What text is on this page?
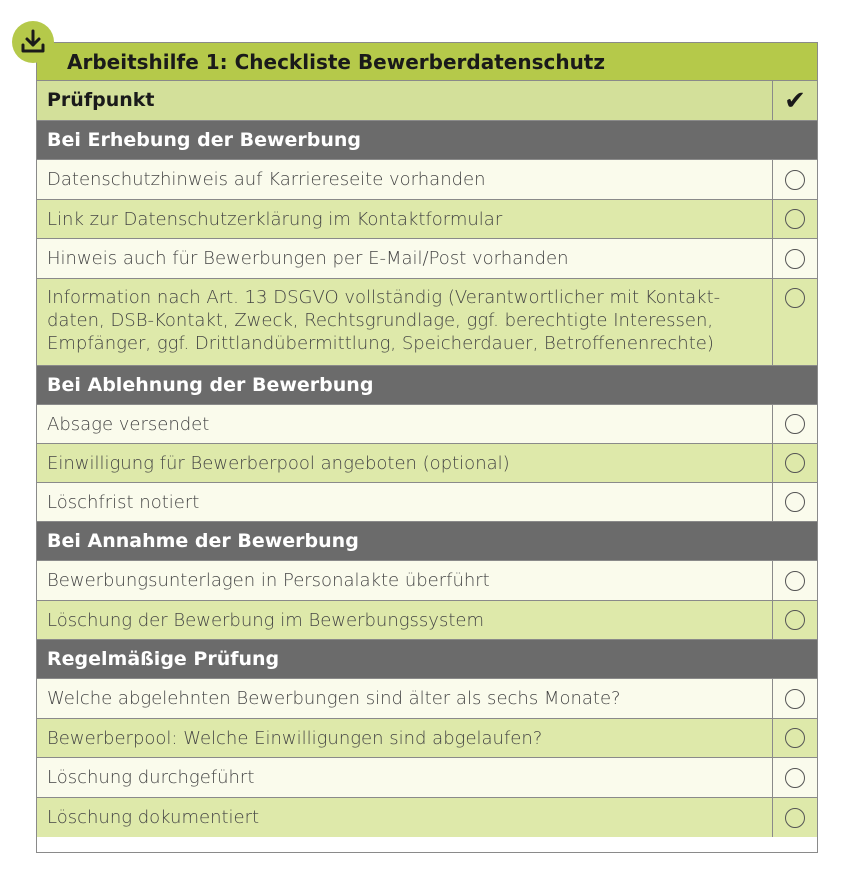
Arbeitshilfe 1: Checkliste Bewerberdatenschutz
Prüfpunkt	✔
Bei Erhebung der Bewerbung
Datenschutzhinweis auf Karriereseite vorhanden
Link zur Datenschutzerklärung im Kontaktformular
Hinweis auch für Bewerbungen per E-Mail/Post vorhanden
Information nach Art. 13 DSGVO vollständig (Verantwortlicher mit Kontakt-daten, DSB-Kontakt, Zweck, Rechtsgrundlage, ggf. berechtigte Interessen, Empfänger, ggf. Drittlandübermittlung, Speicherdauer, Betroffenenrechte)
Bei Ablehnung der Bewerbung
Absage versendet
Einwilligung für Bewerberpool angeboten (optional)
Löschfrist notiert
Bei Annahme der Bewerbung
Bewerbungsunterlagen in Personalakte überführt
Löschung der Bewerbung im Bewerbungssystem
Regelmäßige Prüfung
Welche abgelehnten Bewerbungen sind älter als sechs Monate?
Bewerberpool: Welche Einwilligungen sind abgelaufen?
Löschung durchgeführt
Löschung dokumentiert
